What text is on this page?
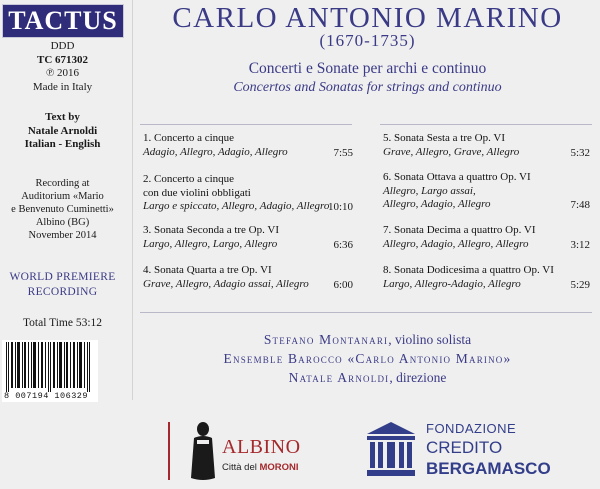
TACTUS
DDD
TC 671302
℗ 2016
Made in Italy
Text by
Natale Arnoldi
Italian - English
Recording at
Auditorium «Mario
e Benvenuto Cuminetti»
Albino (BG)
November 2014
WORLD PREMIERE
RECORDING
Total Time 53:12
8 007194 106329
CARLO ANTONIO MARINO
(1670-1735)
Concerti e Sonate per archi e continuo
Concertos and Sonatas for strings and continuo
1. Concerto a cinque
Adagio, Allegro, Adagio, Allegro	7:55
2. Concerto a cinque
con due violini obbligati
Largo e spiccato, Allegro, Adagio, Allegro
10:10
3. Sonata Seconda a tre Op. VI
Largo, Allegro, Largo, Allegro	6:36
4. Sonata Quarta a tre Op. VI
Grave, Allegro, Adagio assai, Allegro	6:00
5. Sonata Sesta a tre Op. VI
Grave, Allegro, Grave, Allegro	5:32
6. Sonata Ottava a quattro Op. VI
Allegro, Largo assai,
Allegro, Adagio, Allegro	7:48
7. Sonata Decima a quattro Op. VI
Allegro, Adagio, Allegro, Allegro	3:12
8. Sonata Dodicesima a quattro Op. VI
Largo, Allegro-Adagio, Allegro	5:29
Stefano Montanari, violino solista
Ensemble Barocco «Carlo Antonio Marino»
Natale Arnoldi, direzione
ALBINO
Città del MORONI
FONDAZIONE
CREDITO
BERGAMASCO
